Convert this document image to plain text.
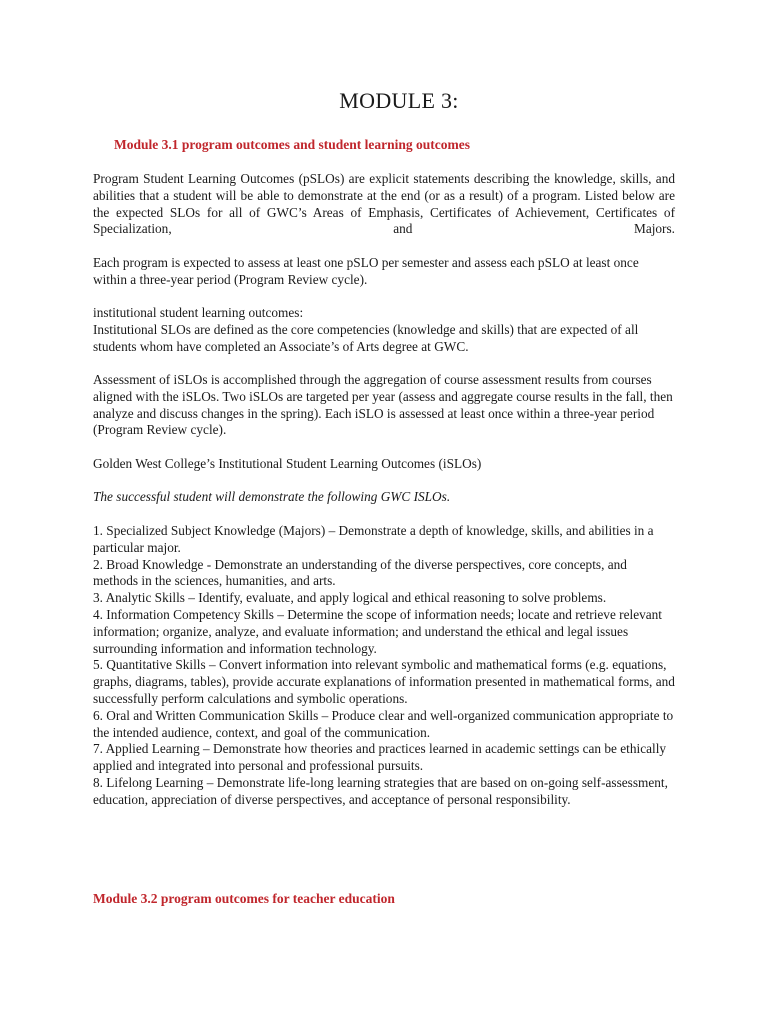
MODULE 3:
Module 3.1 program outcomes and student learning outcomes

Program Student Learning Outcomes (pSLOs) are explicit statements describing the knowledge, skills, and abilities that a student will be able to demonstrate at the end (or as a result) of a program. Listed below are the expected SLOs for all of GWC’s Areas of Emphasis, Certificates of Achievement, Certificates of Specialization, and Majors.

Each program is expected to assess at least one pSLO per semester and assess each pSLO at least once within a three-year period (Program Review cycle).

institutional student learning outcomes:
Institutional SLOs are defined as the core competencies (knowledge and skills) that are expected of all students whom have completed an Associate’s of Arts degree at GWC.

Assessment of iSLOs is accomplished through the aggregation of course assessment results from courses aligned with the iSLOs. Two iSLOs are targeted per year (assess and aggregate course results in the fall, then analyze and discuss changes in the spring). Each iSLO is assessed at least once within a three-year period (Program Review cycle).

Golden West College’s Institutional Student Learning Outcomes (iSLOs)

The successful student will demonstrate the following GWC ISLOs.

1. Specialized Subject Knowledge (Majors) – Demonstrate a depth of knowledge, skills, and abilities in a particular major.
2. Broad Knowledge - Demonstrate an understanding of the diverse perspectives, core concepts, and methods in the sciences, humanities, and arts.
3. Analytic Skills – Identify, evaluate, and apply logical and ethical reasoning to solve problems.
4. Information Competency Skills – Determine the scope of information needs; locate and retrieve relevant information; organize, analyze, and evaluate information; and understand the ethical and legal issues surrounding information and information technology.
5. Quantitative Skills – Convert information into relevant symbolic and mathematical forms (e.g. equations, graphs, diagrams, tables), provide accurate explanations of information presented in mathematical forms, and successfully perform calculations and symbolic operations.
6. Oral and Written Communication Skills – Produce clear and well-organized communication appropriate to the intended audience, context, and goal of the communication.
7. Applied Learning – Demonstrate how theories and practices learned in academic settings can be ethically applied and integrated into personal and professional pursuits.
8. Lifelong Learning – Demonstrate life-long learning strategies that are based on on-going self-assessment, education, appreciation of diverse perspectives, and acceptance of personal responsibility.
Module 3.2 program outcomes for teacher education
